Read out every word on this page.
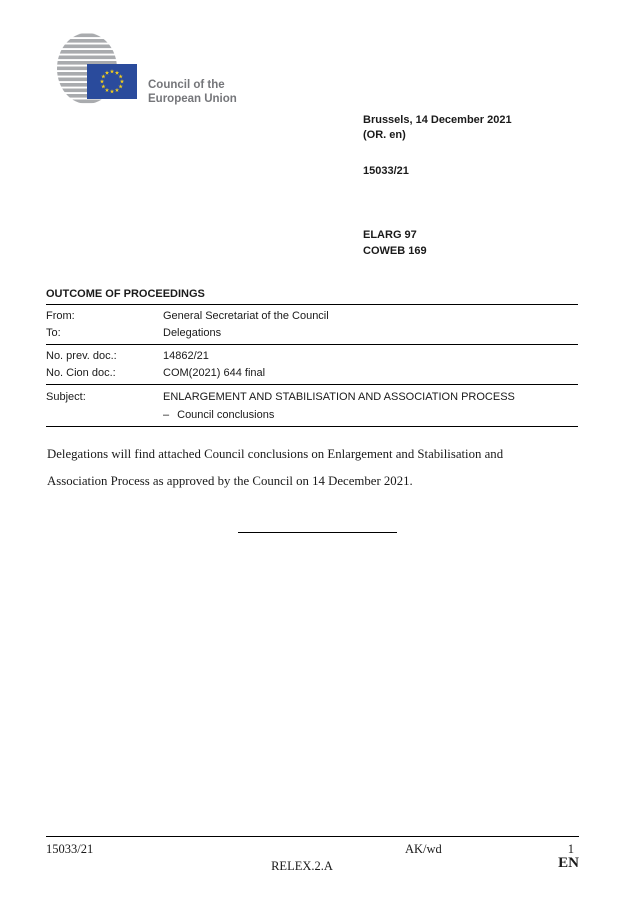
Council of the
European Union
Brussels, 14 December 2021
(OR. en)
15033/21
ELARG 97
COWEB 169
OUTCOME OF PROCEEDINGS
From:	General Secretariat of the Council
To:	Delegations
No. prev. doc.:	14862/21
No. Cion doc.:	COM(2021) 644 final
Subject:	ENLARGEMENT AND STABILISATION AND ASSOCIATION PROCESS
– Council conclusions
Delegations will find attached Council conclusions on Enlargement and Stabilisation and
Association Process as approved by the Council on 14 December 2021.
15033/21	AK/wd	1
RELEX.2.A	EN
